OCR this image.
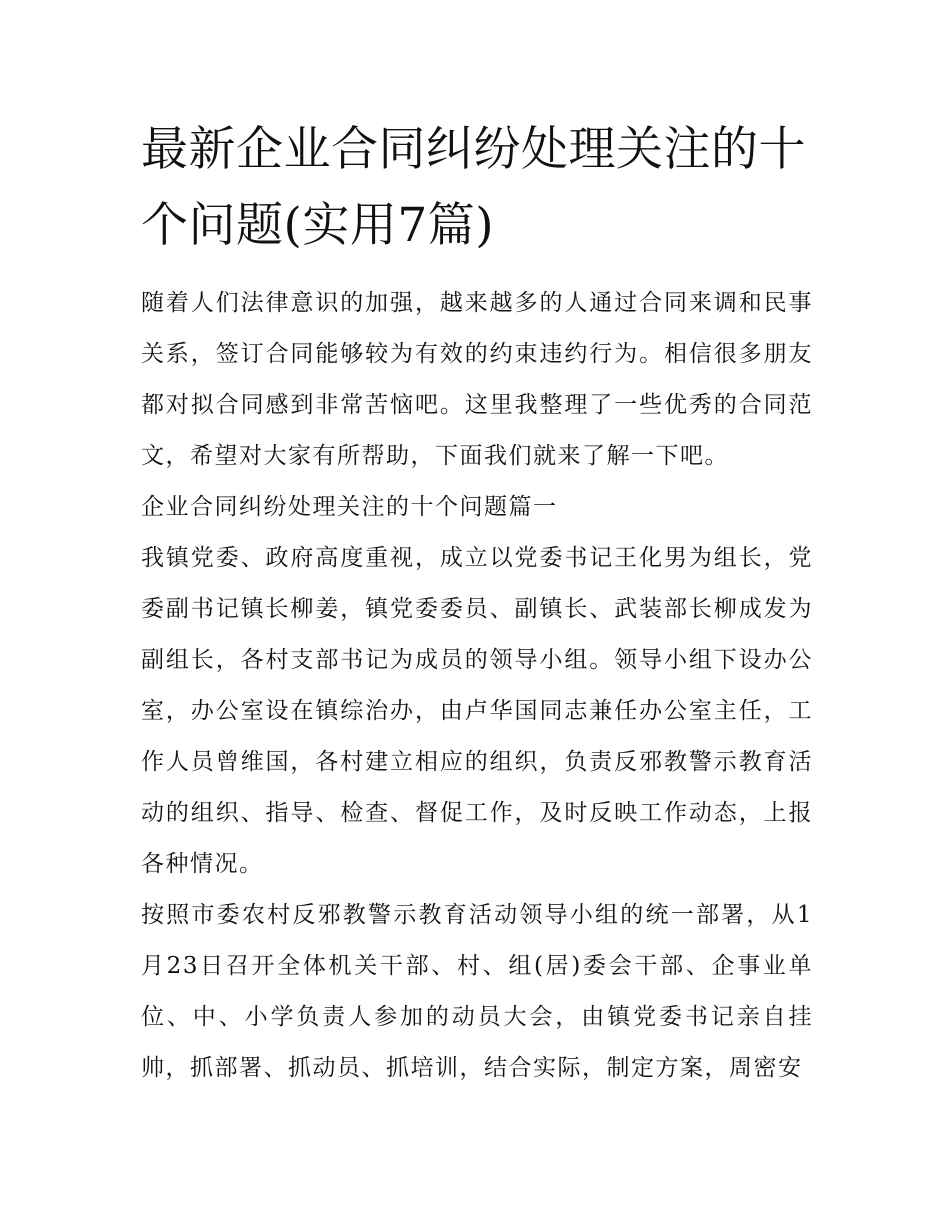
最新企业合同纠纷处理关注的十个问题(实用7篇)

随着人们法律意识的加强，越来越多的人通过合同来调和民事关系，签订合同能够较为有效的约束违约行为。相信很多朋友都对拟合同感到非常苦恼吧。这里我整理了一些优秀的合同范文，希望对大家有所帮助，下面我们就来了解一下吧。

企业合同纠纷处理关注的十个问题篇一

我镇党委、政府高度重视，成立以党委书记王化男为组长，党委副书记镇长柳姜，镇党委委员、副镇长、武装部长柳成发为副组长，各村支部书记为成员的领导小组。领导小组下设办公室，办公室设在镇综治办，由卢华国同志兼任办公室主任，工作人员曾维国，各村建立相应的组织，负责反邪教警示教育活动的组织、指导、检查、督促工作，及时反映工作动态，上报各种情况。

按照市委农村反邪教警示教育活动领导小组的统一部署，从1月23日召开全体机关干部、村、组(居)委会干部、企事业单位、中、小学负责人参加的动员大会，由镇党委书记亲自挂帅，抓部署、抓动员、抓培训，结合实际，制定方案，周密安
